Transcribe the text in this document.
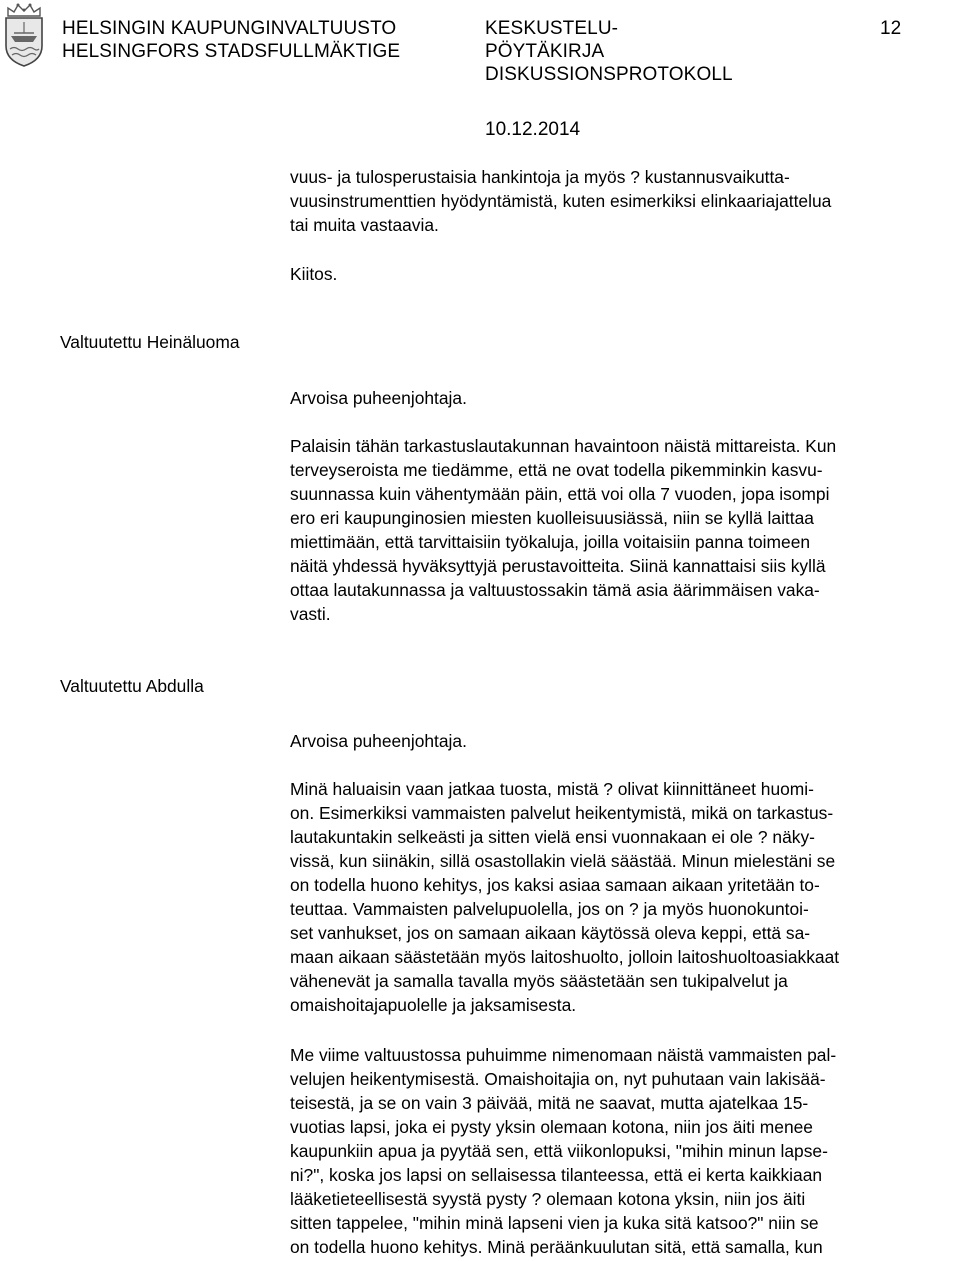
HELSINGIN KAUPUNGINVALTUUSTO
HELSINGFORS STADSFULLMÄKTIGE
KESKUSTELU-
PÖYTÄKIRJA
DISKUSSIONSPROTOKOLL
12
10.12.2014
vuus- ja tulosperustaisia hankintoja ja myös ? kustannusvaikutta-
vuusinstrumenttien hyödyntämistä, kuten esimerkiksi elinkaariajattelua
tai muita vastaavia.
Kiitos.
Valtuutettu Heinäluoma
Arvoisa puheenjohtaja.
Palaisin tähän tarkastuslautakunnan havaintoon näistä mittareista. Kun
terveyseroista me tiedämme, että ne ovat todella pikemminkin kasvu-
suunnassa kuin vähentymään päin, että voi olla 7 vuoden, jopa isompi
ero eri kaupunginosien miesten kuolleisuusiässä, niin se kyllä laittaa
miettimään, että tarvittaisiin työkaluja, joilla voitaisiin panna toimeen
näitä yhdessä hyväksyttyjä perustavoitteita. Siinä kannattaisi siis kyllä
ottaa lautakunnassa ja valtuustossakin tämä asia äärimmäisen vaka-
vasti.
Valtuutettu Abdulla
Arvoisa puheenjohtaja.
Minä haluaisin vaan jatkaa tuosta, mistä ? olivat kiinnittäneet huomi-
on. Esimerkiksi vammaisten palvelut heikentymistä, mikä on tarkastus-
lautakuntakin selkeästi ja sitten vielä ensi vuonnakaan ei ole ? näky-
vissä, kun siinäkin, sillä osastollakin vielä säästää. Minun mielestäni se
on todella huono kehitys, jos kaksi asiaa samaan aikaan yritetään to-
teuttaa. Vammaisten palvelupuolella, jos on ? ja myös huonokuntoi-
set vanhukset, jos on samaan aikaan käytössä oleva keppi, että sa-
maan aikaan säästetään myös laitoshuolto, jolloin laitoshuoltoasiakkaat
vähenevät ja samalla tavalla myös säästetään sen tukipalvelut ja
omaishoitajapuolelle ja jaksamisesta.
Me viime valtuustossa puhuimme nimenomaan näistä vammaisten pal-
velujen heikentymisestä. Omaishoitajia on, nyt puhutaan vain lakisää-
teisestä, ja se on vain 3 päivää, mitä ne saavat, mutta ajatelkaa 15-
vuotias lapsi, joka ei pysty yksin olemaan kotona, niin jos äiti menee
kaupunkiin apua ja pyytää sen, että viikonlopuksi, "mihin minun lapse-
ni?", koska jos lapsi on sellaisessa tilanteessa, että ei kerta kaikkiaan
lääketieteellisestä syystä pysty ? olemaan kotona yksin, niin jos äiti
sitten tappelee, "mihin minä lapseni vien ja kuka sitä katsoo?" niin se
on todella huono kehitys. Minä peräänkuulutan sitä, että samalla, kun
